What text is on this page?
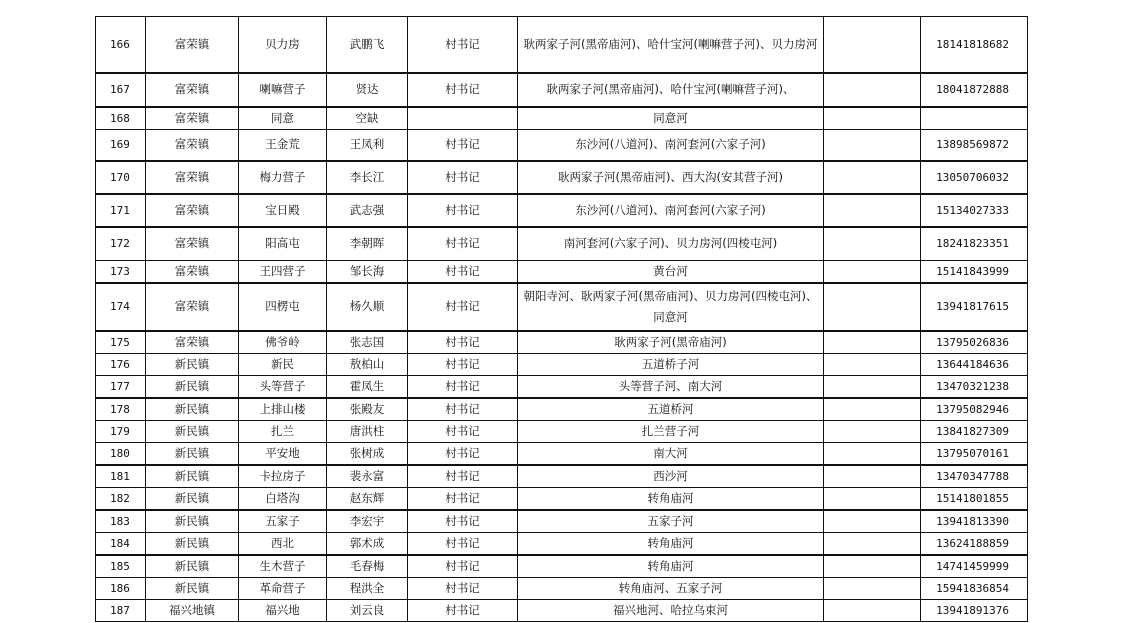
166	富荣镇	贝力房	武鹏飞	村书记	耿两家子河(黑帝庙河)、哈什宝河(喇嘛营子河)、贝力房河		18141818682
167	富荣镇	喇嘛营子	贤达	村书记	耿两家子河(黑帝庙河)、哈什宝河(喇嘛营子河)、		18041872888
168	富荣镇	同意	空缺		同意河		
169	富荣镇	王金荒	王凤利	村书记	东沙河(八道河)、南河套河(六家子河)		13898569872
170	富荣镇	梅力营子	李长江	村书记	耿两家子河(黑帝庙河)、西大沟(安其营子河)		13050706032
171	富荣镇	宝日殿	武志强	村书记	东沙河(八道河)、南河套河(六家子河)		15134027333
172	富荣镇	阳高屯	李朝晖	村书记	南河套河(六家子河)、贝力房河(四棱屯河)		18241823351
173	富荣镇	王四营子	邹长海	村书记	黄台河		15141843999
174	富荣镇	四楞屯	杨久顺	村书记	朝阳寺河、耿两家子河(黑帝庙河)、贝力房河(四棱屯河)、同意河		13941817615
175	富荣镇	佛爷岭	张志国	村书记	耿两家子河(黑帝庙河)		13795026836
176	新民镇	新民	敖柏山	村书记	五道桥子河		13644184636
177	新民镇	头等营子	霍凤生	村书记	头等营子河、南大河		13470321238
178	新民镇	上排山楼	张殿友	村书记	五道桥河		13795082946
179	新民镇	扎兰	唐洪柱	村书记	扎兰营子河		13841827309
180	新民镇	平安地	张树成	村书记	南大河		13795070161
181	新民镇	卡拉房子	裴永富	村书记	西沙河		13470347788
182	新民镇	白塔沟	赵东辉	村书记	转角庙河		15141801855
183	新民镇	五家子	李宏宇	村书记	五家子河		13941813390
184	新民镇	西北	郭术成	村书记	转角庙河		13624188859
185	新民镇	生木营子	毛春梅	村书记	转角庙河		14741459999
186	新民镇	革命营子	程洪全	村书记	转角庙河、五家子河		15941836854
187	福兴地镇	福兴地	刘云良	村书记	福兴地河、哈拉乌束河		13941891376
